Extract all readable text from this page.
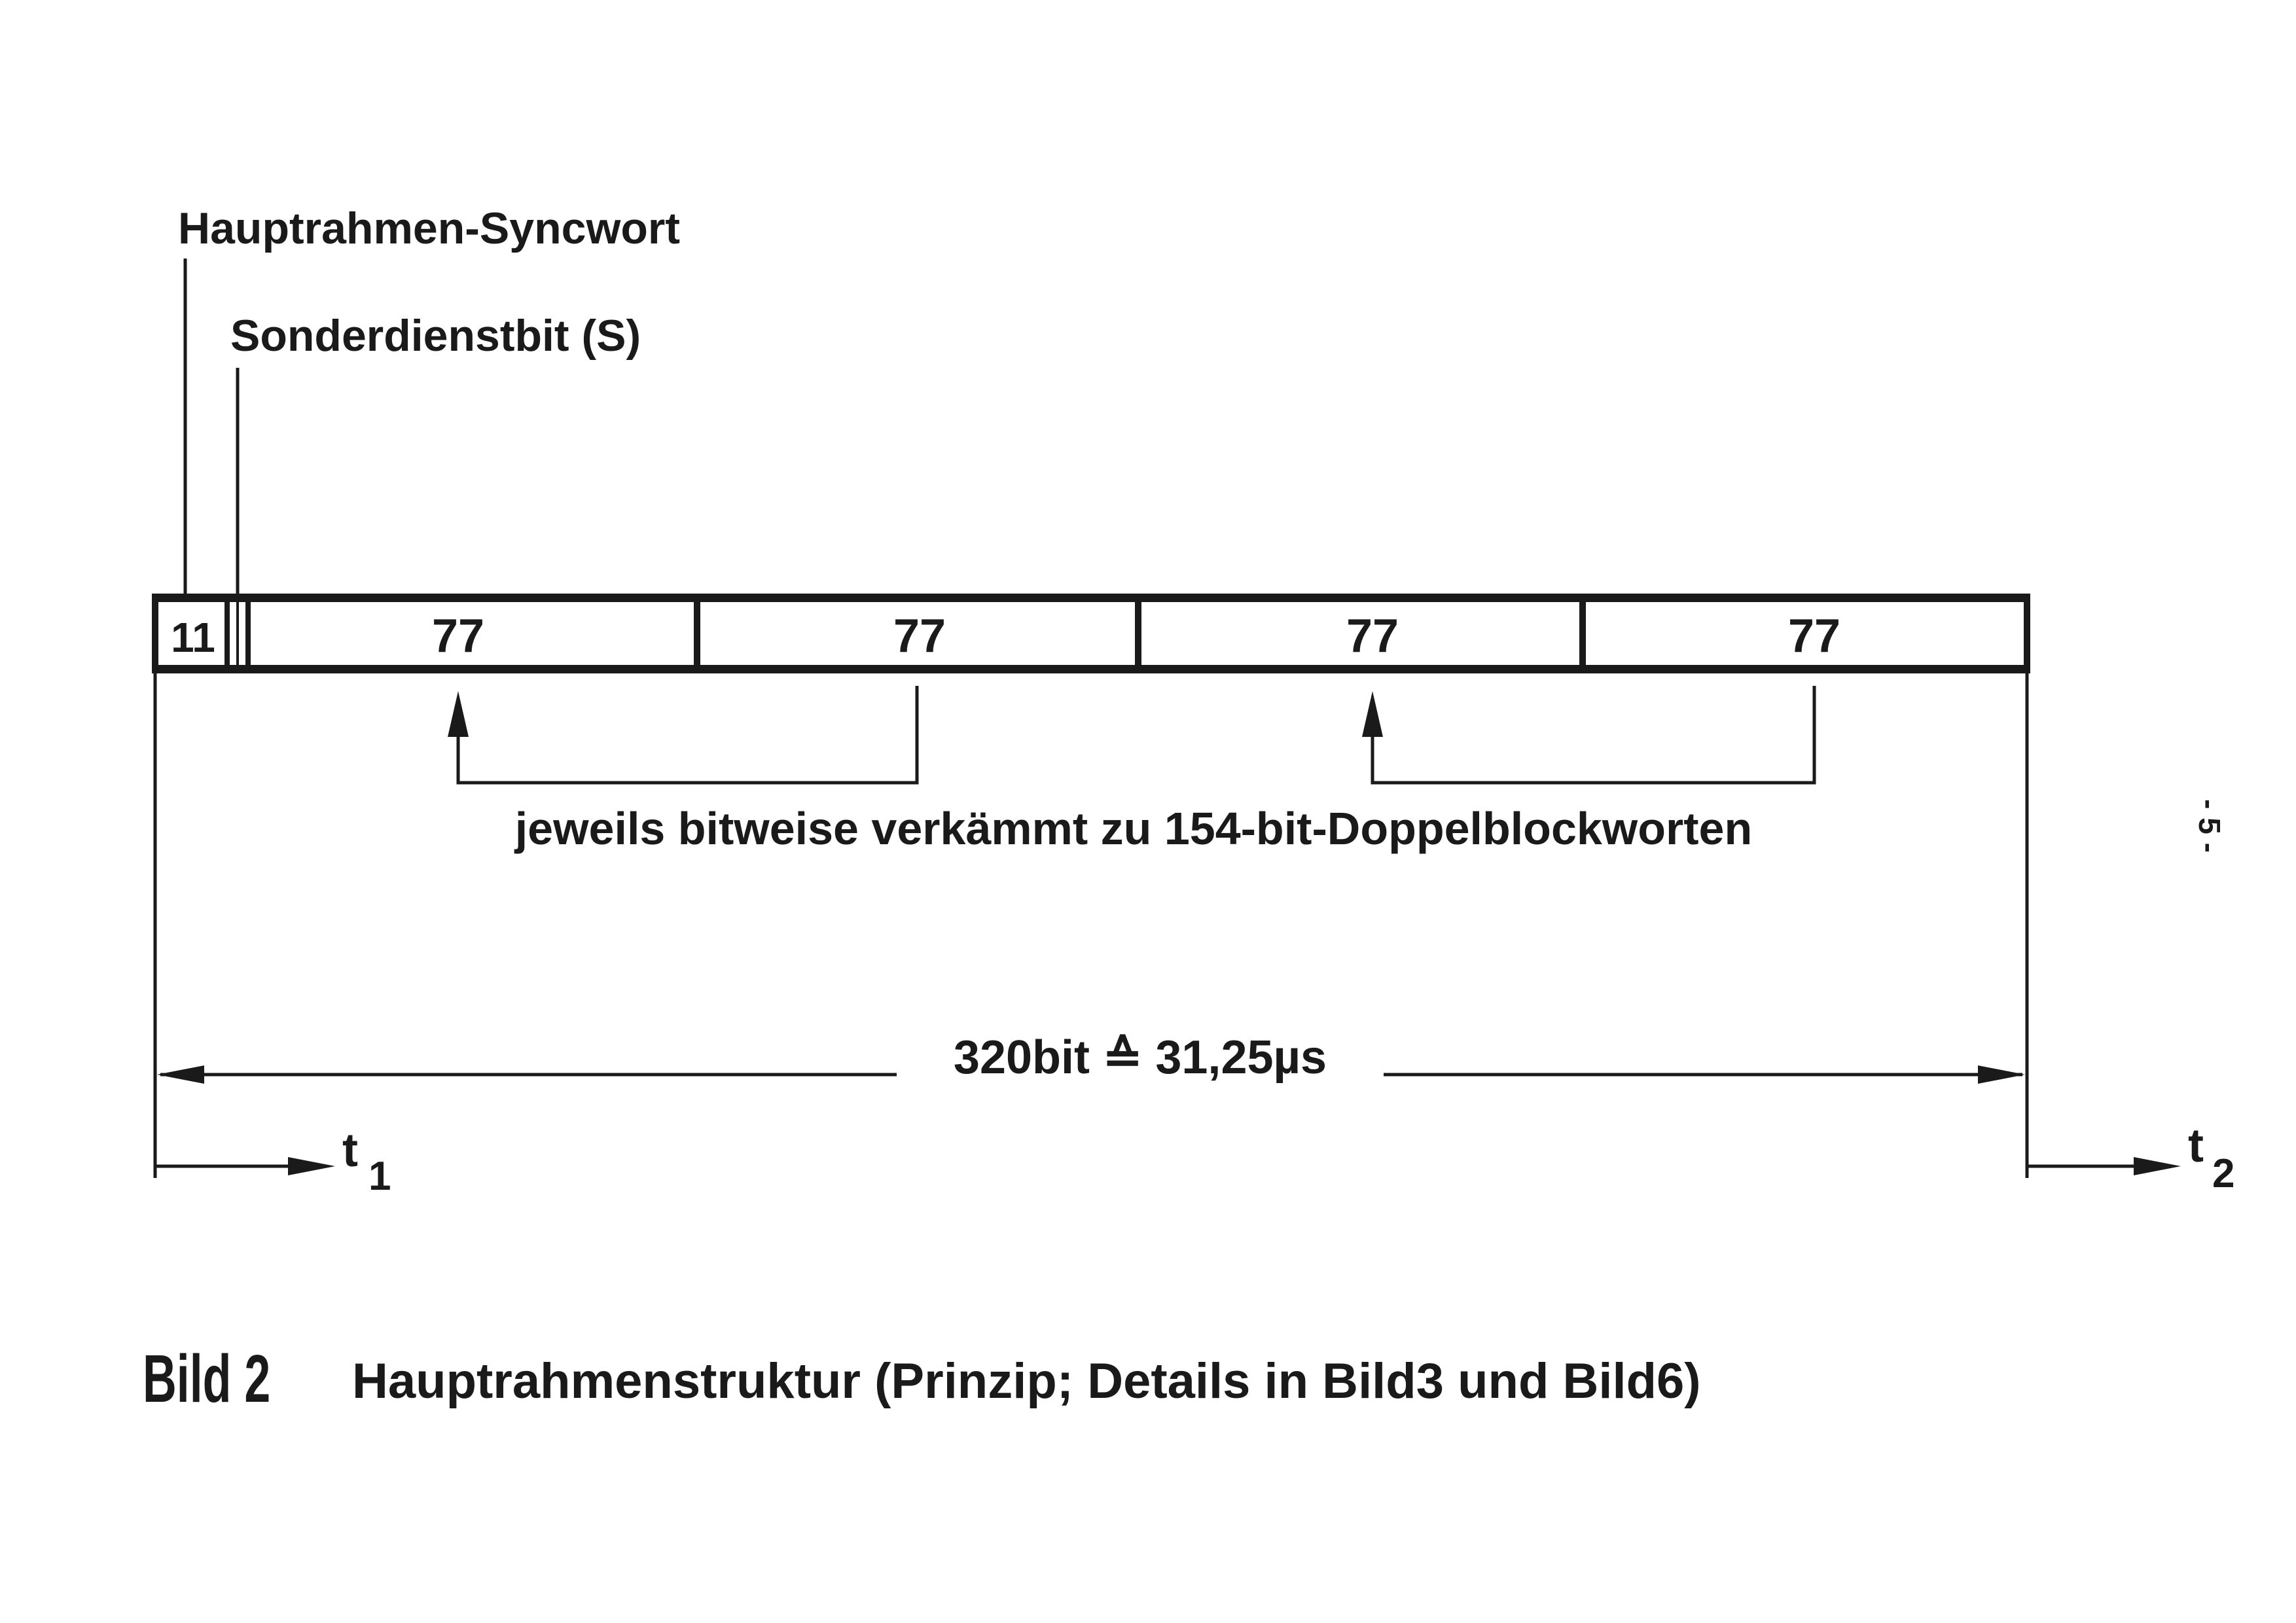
Hauptrahmen-Syncwort
Sonderdienstbit (S)
11	77	77	77	77
jeweils bitweise verkämmt zu 154-bit-Doppelblockworten
320bit ≙ 31,25µs
t 1
t
2
- 5 -
Bild 2 Hauptrahmenstruktur (Prinzip; Details in Bild3 und Bild6)
